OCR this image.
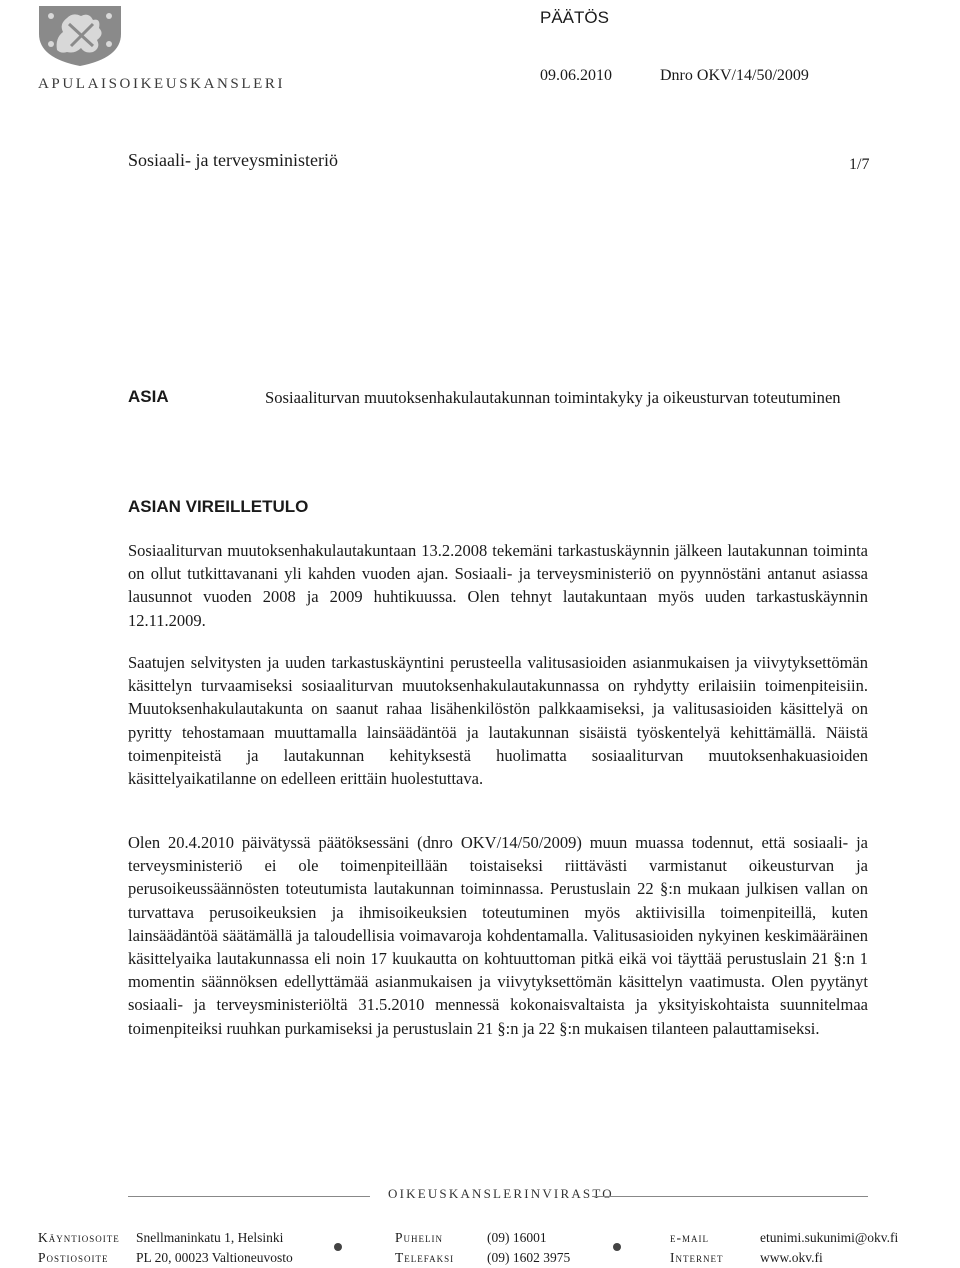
APULAISOIKEUSKANSLERI
PÄÄTÖS
09.06.2010	Dnro OKV/14/50/2009
Sosiaali- ja terveysministeriö	1/7
ASIA	Sosiaaliturvan muutoksenhakulautakunnan toimintakyky ja oikeusturvan toteutuminen
ASIAN VIREILLETULO
Sosiaaliturvan muutoksenhakulautakuntaan 13.2.2008 tekemäni tarkastuskäynnin jälkeen lautakunnan toiminta on ollut tutkittavanani yli kahden vuoden ajan. Sosiaali- ja terveysministeriö on pyynnöstäni antanut asiassa lausunnot vuoden 2008 ja 2009 huhtikuussa. Olen tehnyt lautakuntaan myös uuden tarkastuskäynnin 12.11.2009.
Saatujen selvitysten ja uuden tarkastuskäyntini perusteella valitusasioiden asianmukaisen ja viivytyksettömän käsittelyn turvaamiseksi sosiaaliturvan muutoksenhakulautakunnassa on ryhdytty erilaisiin toimenpiteisiin. Muutoksenhakulautakunta on saanut rahaa lisähenkilöstön palkkaamiseksi, ja valitusasioiden käsittelyä on pyritty tehostamaan muuttamalla lainsäädäntöä ja lautakunnan sisäistä työskentelyä kehittämällä. Näistä toimenpiteistä ja lautakunnan kehityksestä huolimatta sosiaaliturvan muutoksenhakuasioiden käsittelyaikatilanne on edelleen erittäin huolestuttava.
Olen 20.4.2010 päivätyssä päätöksessäni (dnro OKV/14/50/2009) muun muassa todennut, että sosiaali- ja terveysministeriö ei ole toimenpiteillään toistaiseksi riittävästi varmistanut oikeusturvan ja perusoikeussäännösten toteutumista lautakunnan toiminnassa. Perustuslain 22 §:n mukaan julkisen vallan on turvattava perusoikeuksien ja ihmisoikeuksien toteutuminen myös aktiivisilla toimenpiteillä, kuten lainsäädäntöä säätämällä ja taloudellisia voimavaroja kohdentamalla. Valitusasioiden nykyinen keskimääräinen käsittelyaika lautakunnassa eli noin 17 kuukautta on kohtuuttoman pitkä eikä voi täyttää perustuslain 21 §:n 1 momentin säännöksen edellyttämää asianmukaisen ja viivytyksettömän käsittelyn vaatimusta. Olen pyytänyt sosiaali- ja terveysministeriöltä 31.5.2010 mennessä kokonaisvaltaista ja yksityiskohtaista suunnitelmaa toimenpiteiksi ruuhkan purkamiseksi ja perustuslain 21 §:n ja 22 §:n mukaisen tilanteen palauttamiseksi.
OIKEUSKANSLERINVIRASTO
Käyntiosoite Snellmaninkatu 1, Helsinki
Postiosoite PL 20, 00023 Valtioneuvosto
Puhelin	(09) 16001
Telefaksi (09) 1602 3975
e-mail	etunimi.sukunimi@okv.fi
Internet	www.okv.fi
